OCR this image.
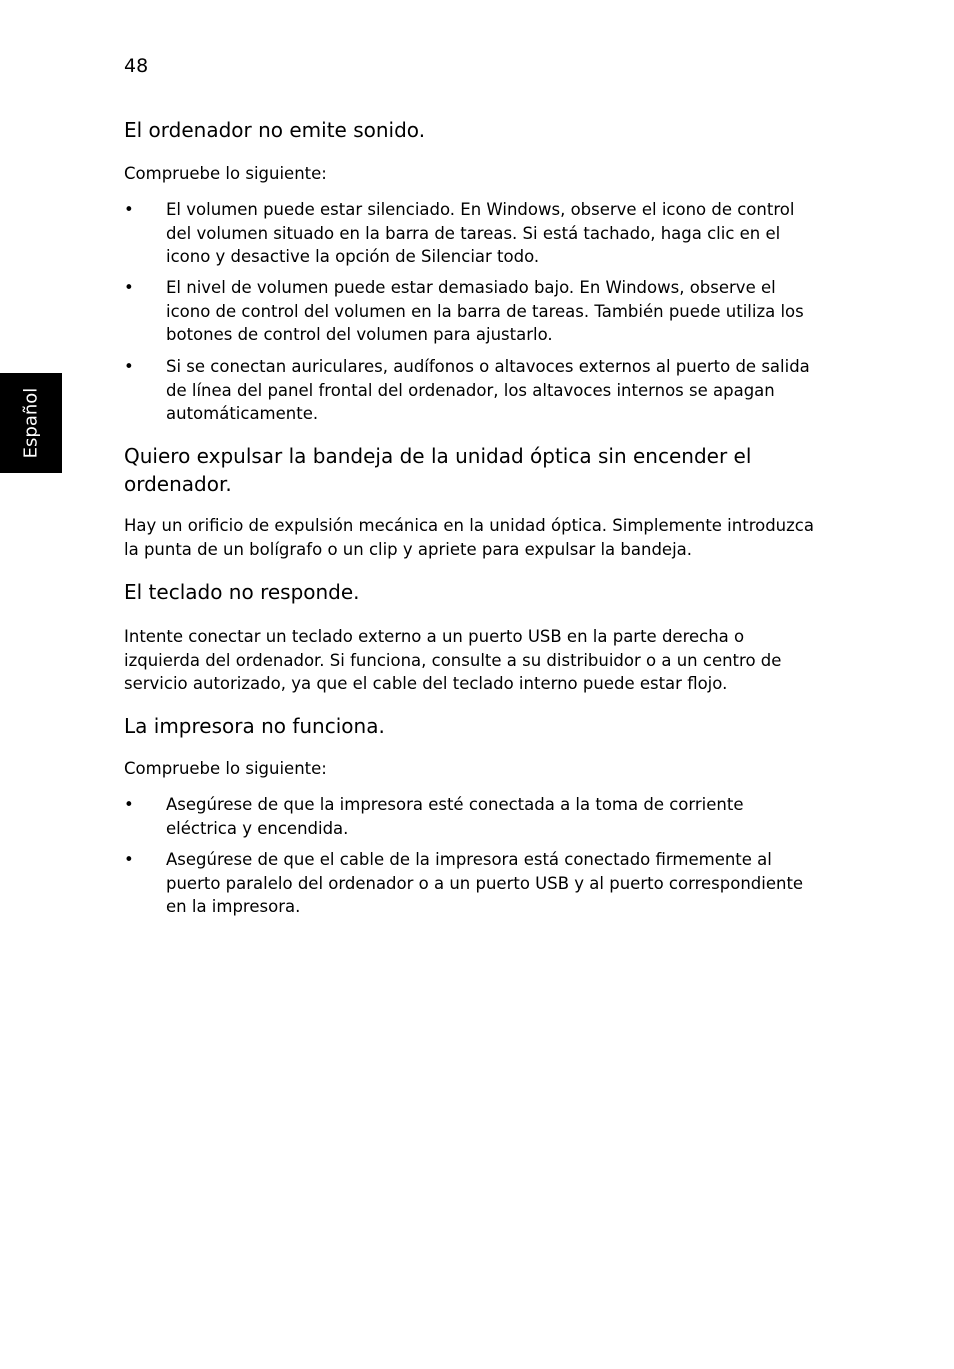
48
Español
El ordenador no emite sonido.

Compruebe lo siguiente:

• El volumen puede estar silenciado. En Windows, observe el icono de control del volumen situado en la barra de tareas. Si está tachado, haga clic en el icono y desactive la opción de Silenciar todo.
• El nivel de volumen puede estar demasiado bajo. En Windows, observe el icono de control del volumen en la barra de tareas. También puede utiliza los botones de control del volumen para ajustarlo.
• Si se conectan auriculares, audífonos o altavoces externos al puerto de salida de línea del panel frontal del ordenador, los altavoces internos se apagan automáticamente.
Quiero expulsar la bandeja de la unidad óptica sin encender el ordenador.

Hay un orificio de expulsión mecánica en la unidad óptica. Simplemente introduzca la punta de un bolígrafo o un clip y apriete para expulsar la bandeja.

El teclado no responde.

Intente conectar un teclado externo a un puerto USB en la parte derecha o izquierda del ordenador. Si funciona, consulte a su distribuidor o a un centro de servicio autorizado, ya que el cable del teclado interno puede estar flojo.

La impresora no funciona.

Compruebe lo siguiente:

• Asegúrese de que la impresora esté conectada a la toma de corriente eléctrica y encendida.
• Asegúrese de que el cable de la impresora está conectado firmemente al puerto paralelo del ordenador o a un puerto USB y al puerto correspondiente en la impresora.
